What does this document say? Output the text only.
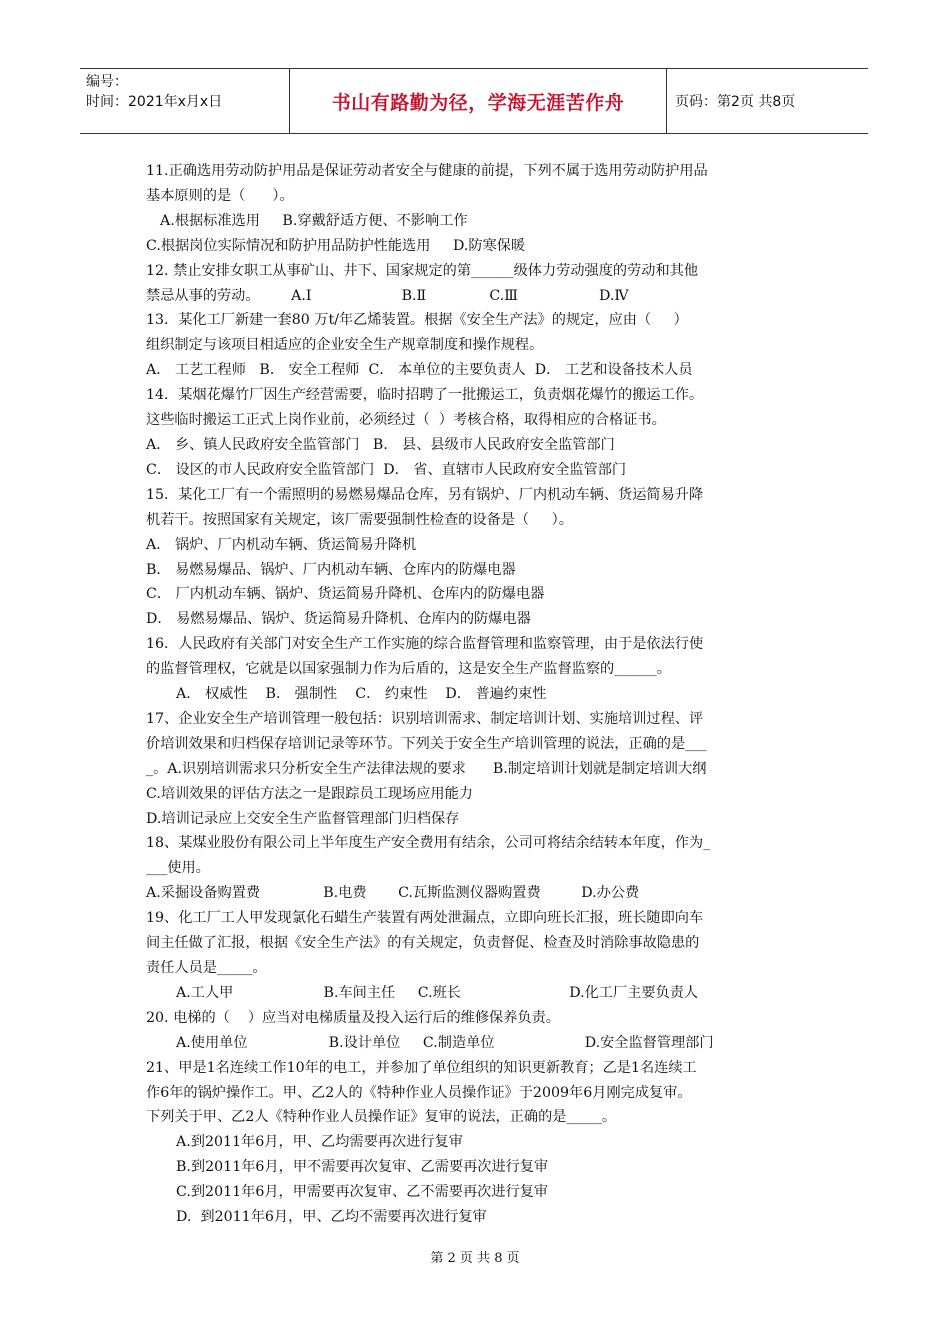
编号：
时间：2021年x月x日	书山有路勤为径，学海无涯苦作舟	页码：第2页 共8页

11.正确选用劳动防护用品是保证劳动者安全与健康的前提，下列不属于选用劳动防护用品

基本原则的是（      ）。

A.根据标准选用     B.穿戴舒适方便、不影响工作

C.根据岗位实际情况和防护用品防护性能选用     D.防寒保暖

12. 禁止安排女职工从事矿山、井下、国家规定的第______级体力劳动强度的劳动和其他

禁忌从事的劳动。       A.Ⅰ                    B.Ⅱ              C.Ⅲ                  D.Ⅳ

13．某化工厂新建一套80 万t/年乙烯装置。根据《安全生产法》的规定，应由（     ）

组织制定与该项目相适应的企业安全生产规章制度和操作规程。

A． 工艺工程师   B． 安全工程师  C． 本单位的主要负责人  D． 工艺和设备技术人员

14．某烟花爆竹厂因生产经营需要，临时招聘了一批搬运工，负责烟花爆竹的搬运工作。

这些临时搬运工正式上岗作业前，必须经过（  ）考核合格，取得相应的合格证书。

A． 乡、镇人民政府安全监管部门   B． 县、县级市人民政府安全监管部门

C． 设区的市人民政府安全监管部门  D． 省、直辖市人民政府安全监管部门

15．某化工厂有一个需照明的易燃易爆品仓库，另有锅炉、厂内机动车辆、货运简易升降

机若干。按照国家有关规定，该厂需要强制性检查的设备是（     ）。

A． 锅炉、厂内机动车辆、货运简易升降机

B． 易燃易爆品、锅炉、厂内机动车辆、仓库内的防爆电器

C． 厂内机动车辆、锅炉、货运简易升降机、仓库内的防爆电器

D． 易燃易爆品、锅炉、货运简易升降机、仓库内的防爆电器

16．人民政府有关部门对安全生产工作实施的综合监督管理和监察管理，由于是依法行使

的监督管理权，它就是以国家强制力作为后盾的，这是安全生产监督监察的______。

A． 权威性    B． 强制性    C． 约束性    D． 普遍约束性

17、企业安全生产培训管理一般包括：识别培训需求、制定培训计划、实施培训过程、评

价培训效果和归档保存培训记录等环节。下列关于安全生产培训管理的说法，正确的是___

_。A.识别培训需求只分析安全生产法律法规的要求      B.制定培训计划就是制定培训大纲

C.培训效果的评估方法之一是跟踪员工现场应用能力

D.培训记录应上交安全生产监督管理部门归档保存

18、某煤业股份有限公司上半年度生产安全费用有结余，公司可将结余结转本年度，作为_

___使用。

A.采掘设备购置费              B.电费       C.瓦斯监测仪器购置费         D.办公费

19、化工厂工人甲发现氯化石蜡生产装置有两处泄漏点，立即向班长汇报，班长随即向车

间主任做了汇报，根据《安全生产法》的有关规定，负责督促、检查及时消除事故隐患的

责任人员是_____。

A.工人甲                    B.车间主任     C.班长                        D.化工厂主要负责人

20. 电梯的（    ）应当对电梯质量及投入运行后的维修保养负责。

A.使用单位                  B.设计单位     C.制造单位                    D.安全监督管理部门

21、甲是1名连续工作10年的电工，并参加了单位组织的知识更新教育；乙是1名连续工

作6年的锅炉操作工。甲、乙2人的《特种作业人员操作证》于2009年6月刚完成复审。

下列关于甲、乙2人《特种作业人员操作证》复审的说法，正确的是_____。

A.到2011年6月，甲、乙均需要再次进行复审

B.到2011年6月，甲不需要再次复审、乙需要再次进行复审

C.到2011年6月，甲需要再次复审、乙不需要再次进行复审

D.  到2011年6月，甲、乙均不需要再次进行复审

第 2 页 共 8 页
